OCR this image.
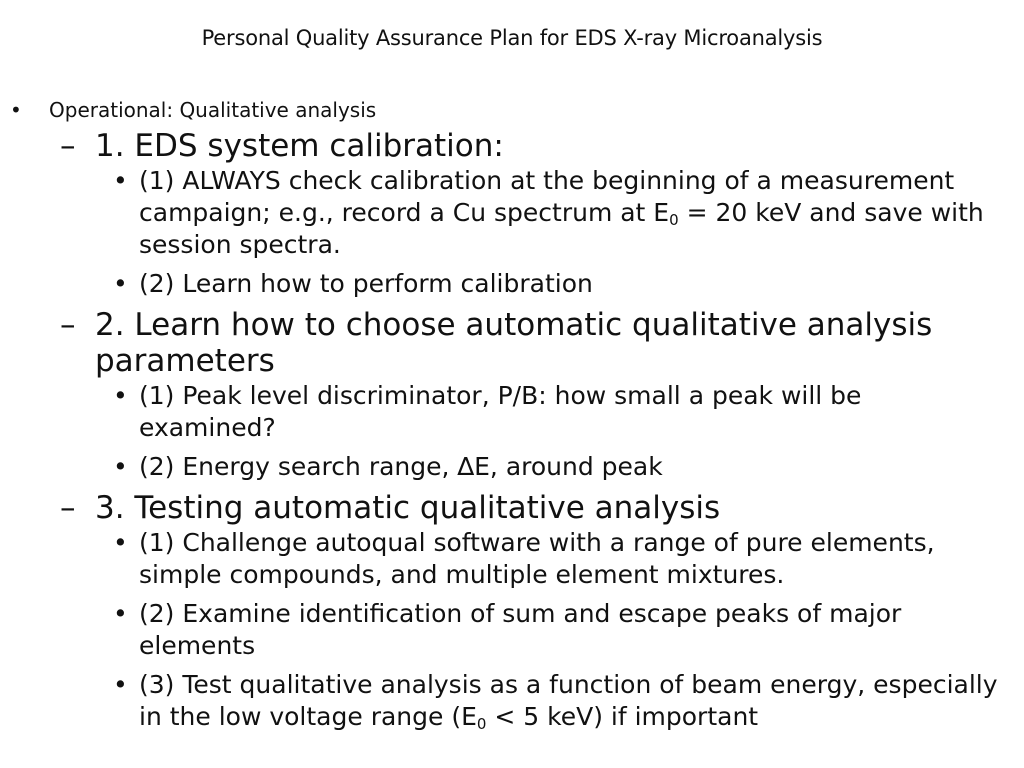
Personal Quality Assurance Plan for EDS X-ray Microanalysis
• Operational: Qualitative analysis
– 1. EDS system calibration:
• (1) ALWAYS check calibration at the beginning of a measurement campaign; e.g., record a Cu spectrum at $E_0 = 20$ keV and save with session spectra.
• (2) Learn how to perform calibration
– 2. Learn how to choose automatic qualitative analysis parameters
• (1) Peak level discriminator, P/B: how small a peak will be examined?
• (2) Energy search range, ∆E, around peak
– 3. Testing automatic qualitative analysis
• (1) Challenge autoqual software with a range of pure elements, simple compounds, and multiple element mixtures.
• (2) Examine identification of sum and escape peaks of major elements
• (3) Test qualitative analysis as a function of beam energy, especially in the low voltage range ($E_0 < 5$ keV) if important
